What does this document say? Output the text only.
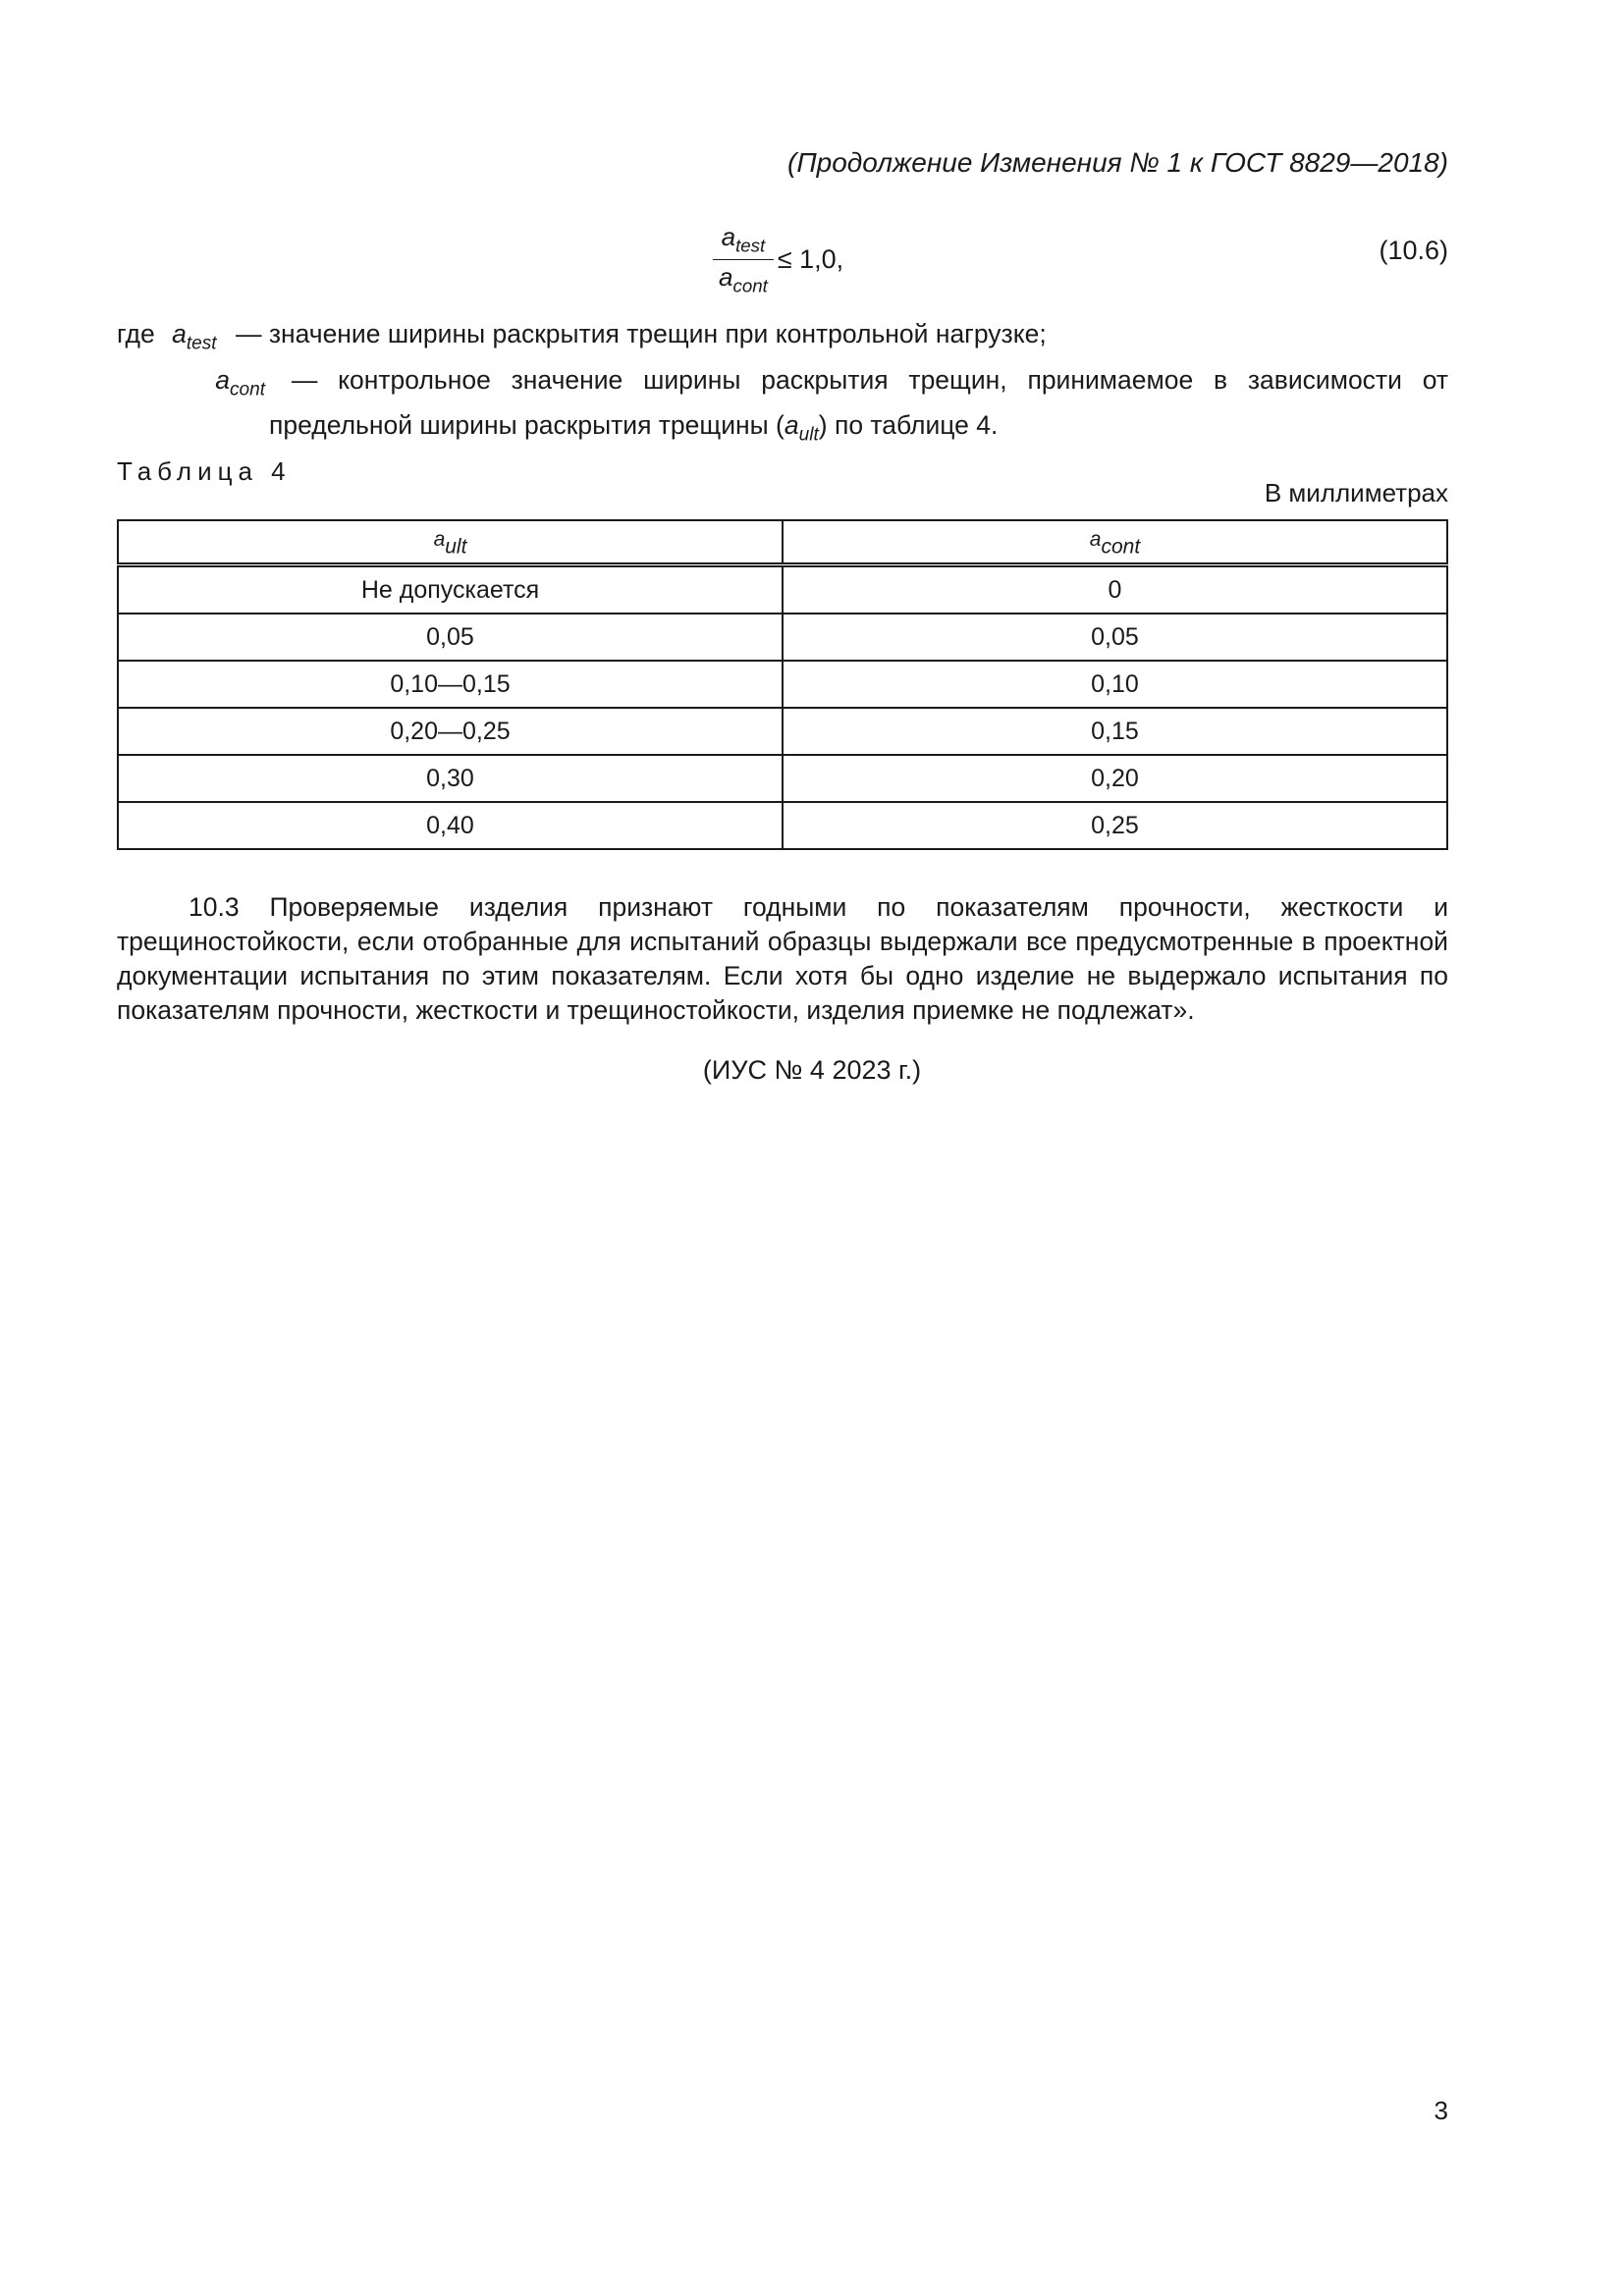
(Продолжение Изменения № 1 к ГОСТ 8829—2018)
$\frac{a_{test}}{a_{cont}} \le 1,0$,	(10.6)
где $a_{test}$ — значение ширины раскрытия трещин при контрольной нагрузке;
$a_{cont}$ — контрольное значение ширины раскрытия трещин, принимаемое в зависимости от предельной ширины раскрытия трещины $(a_{ult})$ по таблице 4.
Таблица 4
В миллиметрах
$a_{ult}$	$a_{cont}$
Не допускается	0
0,05	0,05
0,10—0,15	0,10
0,20—0,25	0,15
0,30	0,20
0,40	0,25
10.3 Проверяемые изделия признают годными по показателям прочности, жесткости и трещиностойкости, если отобранные для испытаний образцы выдержали все предусмотренные в проектной документации испытания по этим показателям. Если хотя бы одно изделие не выдержало испытания по показателям прочности, жесткости и трещиностойкости, изделия приемке не подлежат».
(ИУС № 4 2023 г.)
3
